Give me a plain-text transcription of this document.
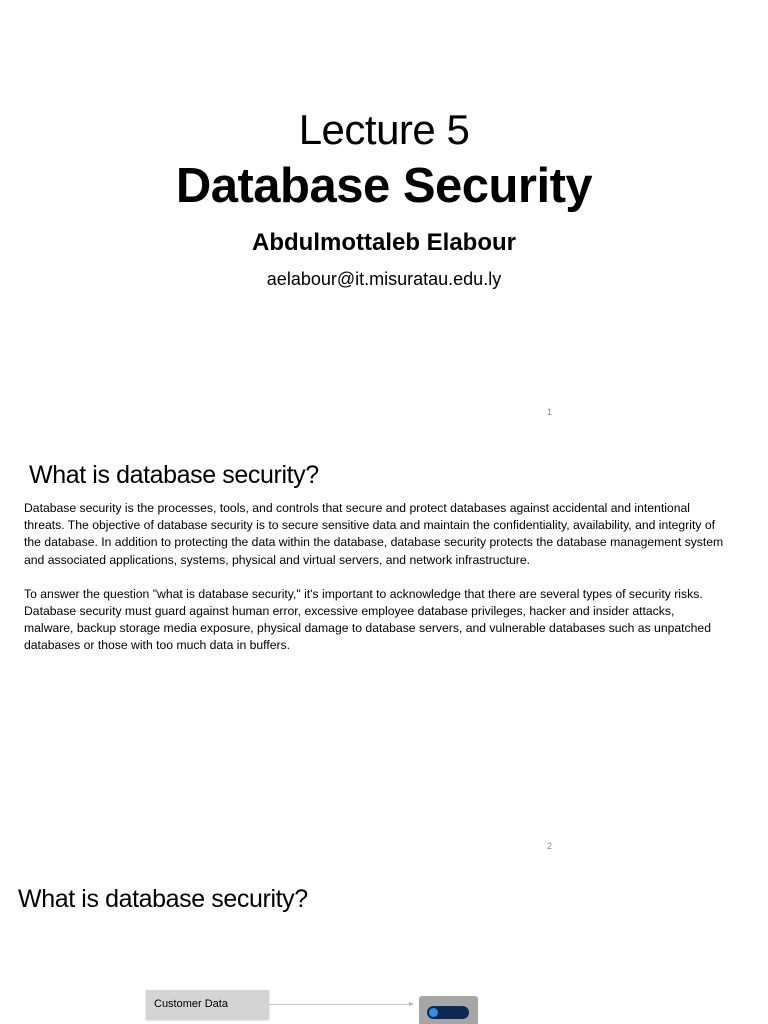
Lecture 5
Database Security
Abdulmottaleb Elabour
aelabour@it.misuratau.edu.ly
1
What is database security?

Database security is the processes, tools, and controls that secure and protect databases against accidental and intentional threats. The objective of database security is to secure sensitive data and maintain the confidentiality, availability, and integrity of the database. In addition to protecting the data within the database, database security protects the database management system and associated applications, systems, physical and virtual servers, and network infrastructure.

To answer the question "what is database security," it's important to acknowledge that there are several types of security risks. Database security must guard against human error, excessive employee database privileges, hacker and insider attacks, malware, backup storage media exposure, physical damage to database servers, and vulnerable databases such as unpatched databases or those with too much data in buffers.

2
What is database security?
Customer Data
